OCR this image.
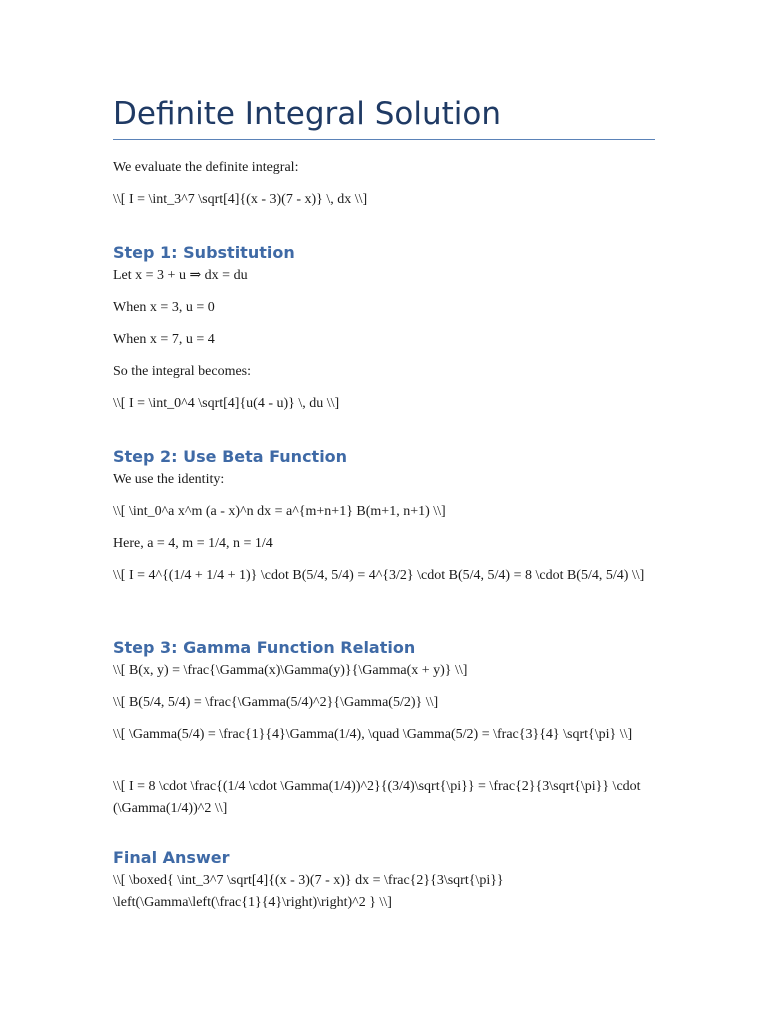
Definite Integral Solution

We evaluate the definite integral:

\\[ I = \int_3^7 \sqrt[4]{(x - 3)(7 - x)} \, dx \\]

Step 1: Substitution

Let x = 3 + u ⇒ dx = du

When x = 3, u = 0

When x = 7, u = 4

So the integral becomes:

\\[ I = \int_0^4 \sqrt[4]{u(4 - u)} \, du \\]

Step 2: Use Beta Function

We use the identity:

\\[ \int_0^a x^m (a - x)^n dx = a^{m+n+1} B(m+1, n+1) \\]

Here, a = 4, m = 1/4, n = 1/4

\\[ I = 4^{(1/4 + 1/4 + 1)} \cdot B(5/4, 5/4) = 4^{3/2} \cdot B(5/4, 5/4) = 8 \cdot B(5/4, 5/4) \\]

Step 3: Gamma Function Relation

\\[ B(x, y) = \frac{\Gamma(x)\Gamma(y)}{\Gamma(x + y)} \\]

\\[ B(5/4, 5/4) = \frac{\Gamma(5/4)^2}{\Gamma(5/2)} \\]

\\[ \Gamma(5/4) = \frac{1}{4}\Gamma(1/4), \quad \Gamma(5/2) = \frac{3}{4} \sqrt{\pi} \\]

\\[ I = 8 \cdot \frac{(1/4 \cdot \Gamma(1/4))^2}{(3/4)\sqrt{\pi}} = \frac{2}{3\sqrt{\pi}} \cdot (\Gamma(1/4))^2 \\]

Final Answer

\\[ \boxed{ \int_3^7 \sqrt[4]{(x - 3)(7 - x)} dx = \frac{2}{3\sqrt{\pi}} \left(\Gamma\left(\frac{1}{4}\right)\right)^2 } \\]
